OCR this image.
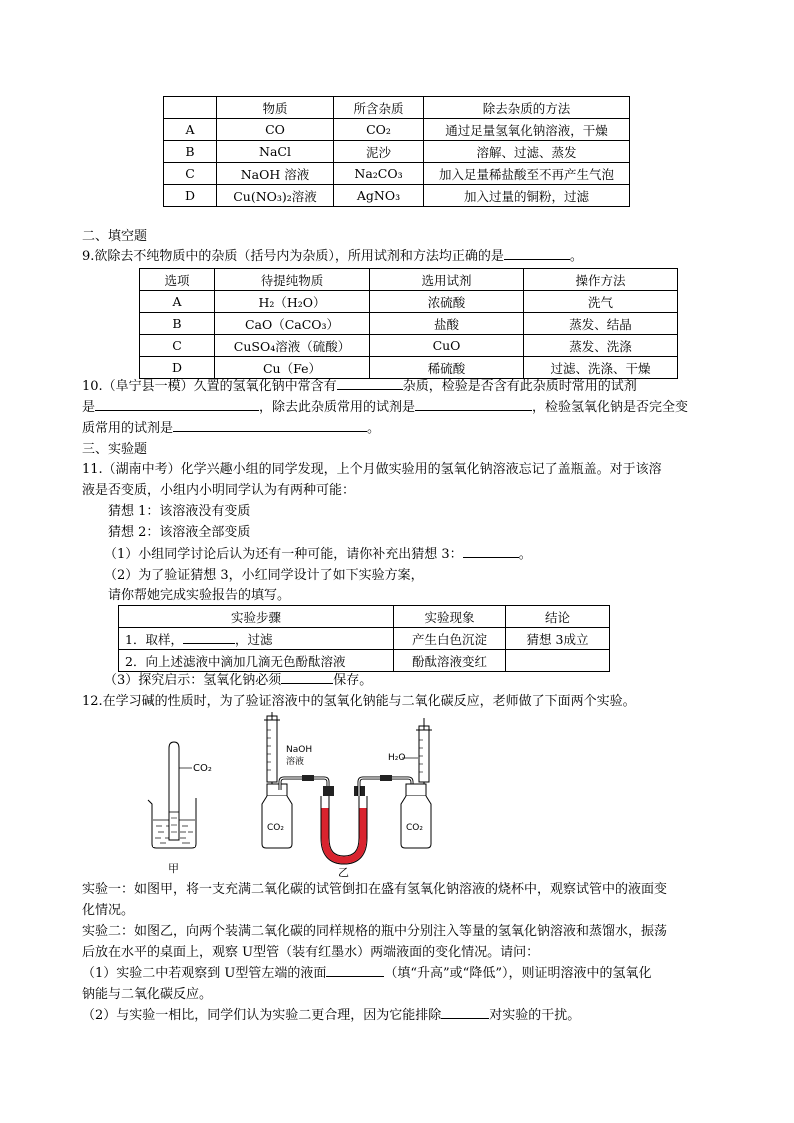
	物质	所含杂质	除去杂质的方法
A	CO	CO₂	通过足量氢氧化钠溶液，干燥
B	NaCl	泥沙	溶解、过滤、蒸发
C	NaOH 溶液	Na₂CO₃	加入足量稀盐酸至不再产生气泡
D	Cu(NO₃)₂溶液	AgNO₃	加入过量的铜粉，过滤
二、填空题
9.欲除去不纯物质中的杂质（括号内为杂质），所用试剂和方法均正确的是	。
选项	待提纯物质	选用试剂	操作方法
A	H₂（H₂O）	浓硫酸	洗气
B	CaO（CaCO₃）	盐酸	蒸发、结晶
C	CuSO₄溶液（硫酸）	CuO	蒸发、洗涤
D	Cu（Fe）	稀硫酸	过滤、洗涤、干燥
10.（阜宁县一模）久置的氢氧化钠中常含有	杂质，检验是否含有此杂质时常用的试剂
是	，除去此杂质常用的试剂是	，检验氢氧化钠是否完全变
质常用的试剂是	。
三、实验题
11.（湖南中考）化学兴趣小组的同学发现，上个月做实验用的氢氧化钠溶液忘记了盖瓶盖。对于该溶
液是否变质，小组内小明同学认为有两种可能：
猜想 1：该溶液没有变质
猜想 2：该溶液全部变质
（1）小组同学讨论后认为还有一种可能，请你补充出猜想 3：	。
（2）为了验证猜想 3，小红同学设计了如下实验方案，
请你帮她完成实验报告的填写。
实验步骤	实验现象	结论
1．取样， ，过滤	产生白色沉淀	猜想 3成立
2．向上述滤液中滴加几滴无色酚酞溶液	酚酞溶液变红	
（3）探究启示：氢氧化钠必须	保存。
12.在学习碱的性质时，为了验证溶液中的氢氧化钠能与二氧化碳反应，老师做了下面两个实验。
CO₂
甲
NaOH
溶液
CO₂
乙
H₂O
CO₂
实验一：如图甲，将一支充满二氧化碳的试管倒扣在盛有氢氧化钠溶液的烧杯中，观察试管中的液面变
化情况。
实验二：如图乙，向两个装满二氧化碳的同样规格的瓶中分别注入等量的氢氧化钠溶液和蒸馏水，振荡
后放在水平的桌面上，观察 U型管（装有红墨水）两端液面的变化情况。请问：
（1）实验二中若观察到 U型管左端的液面	（填“升高”或“降低”），则证明溶液中的氢氧化
钠能与二氧化碳反应。
（2）与实验一相比，同学们认为实验二更合理，因为它能排除	对实验的干扰。
